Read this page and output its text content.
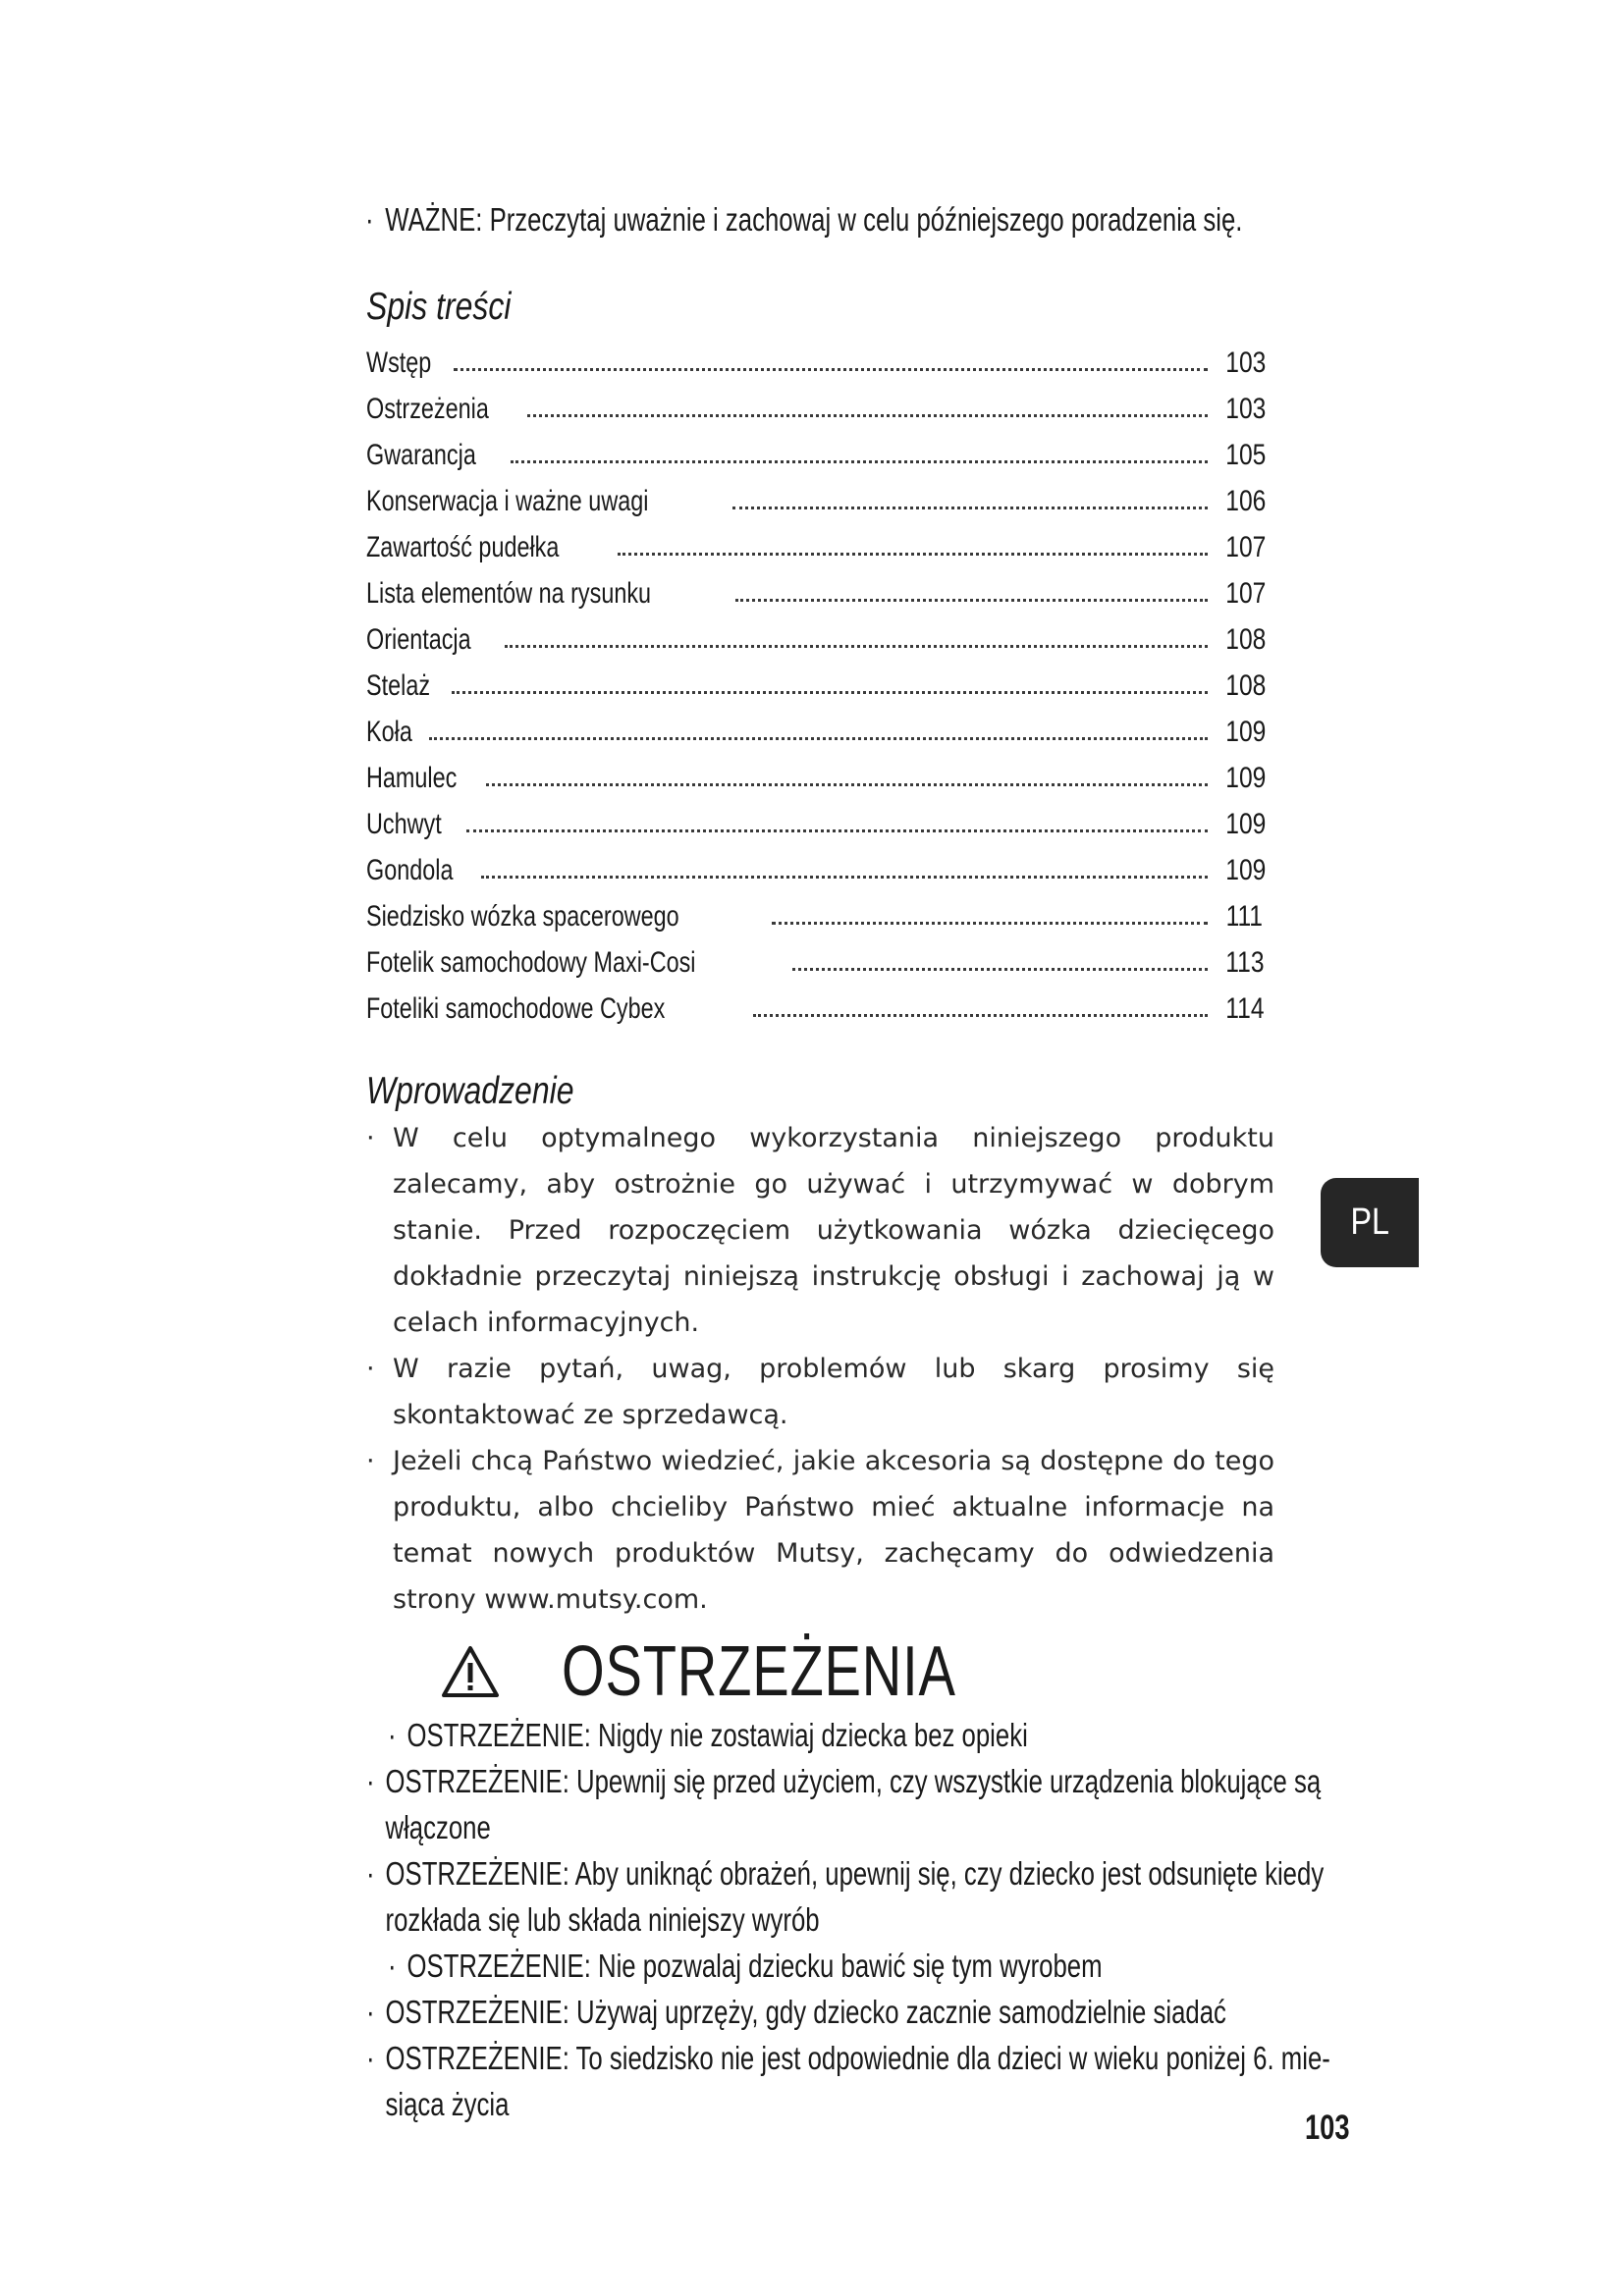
· WAŻNE: Przeczytaj uważnie i zachowaj w celu późniejszego poradzenia się.
Spis treści
Wstęp	103
Ostrzeżenia	103
Gwarancja	105
Konserwacja i ważne uwagi	106
Zawartość pudełka	107
Lista elementów na rysunku	107
Orientacja	108
Stelaż	108
Koła	109
Hamulec	109
Uchwyt	109
Gondola	109
Siedzisko wózka spacerowego	111
Fotelik samochodowy Maxi-Cosi	113
Foteliki samochodowe Cybex	114
Wprowadzenie
· W celu optymalnego wykorzystania niniejszego produktu zalecamy, aby ostrożnie go używać i utrzymywać w dobrym stanie. Przed rozpoczęciem użytkowania wózka dziecięcego dokładnie przeczytaj niniejszą instrukcję obsługi i zachowaj ją w celach informacyjnych.
· W razie pytań, uwag, problemów lub skarg prosimy się skontaktować ze sprzedawcą.
· Jeżeli chcą Państwo wiedzieć, jakie akcesoria są dostępne do tego produktu, albo chcieliby Państwo mieć aktualne informacje na temat nowych produktów Mutsy, zachęcamy do odwiedzenia strony www.mutsy.com.
PL
OSTRZEŻENIA
· OSTRZEŻENIE: Nigdy nie zostawiaj dziecka bez opieki
· OSTRZEŻENIE: Upewnij się przed użyciem, czy wszystkie urządzenia blokujące są
włączone
· OSTRZEŻENIE: Aby uniknąć obrażeń, upewnij się, czy dziecko jest odsunięte kiedy
rozkłada się lub składa niniejszy wyrób
· OSTRZEŻENIE: Nie pozwalaj dziecku bawić się tym wyrobem
· OSTRZEŻENIE: Używaj uprzęży, gdy dziecko zacznie samodzielnie siadać
· OSTRZEŻENIE: To siedzisko nie jest odpowiednie dla dzieci w wieku poniżej 6. mie-
siąca życia
103
